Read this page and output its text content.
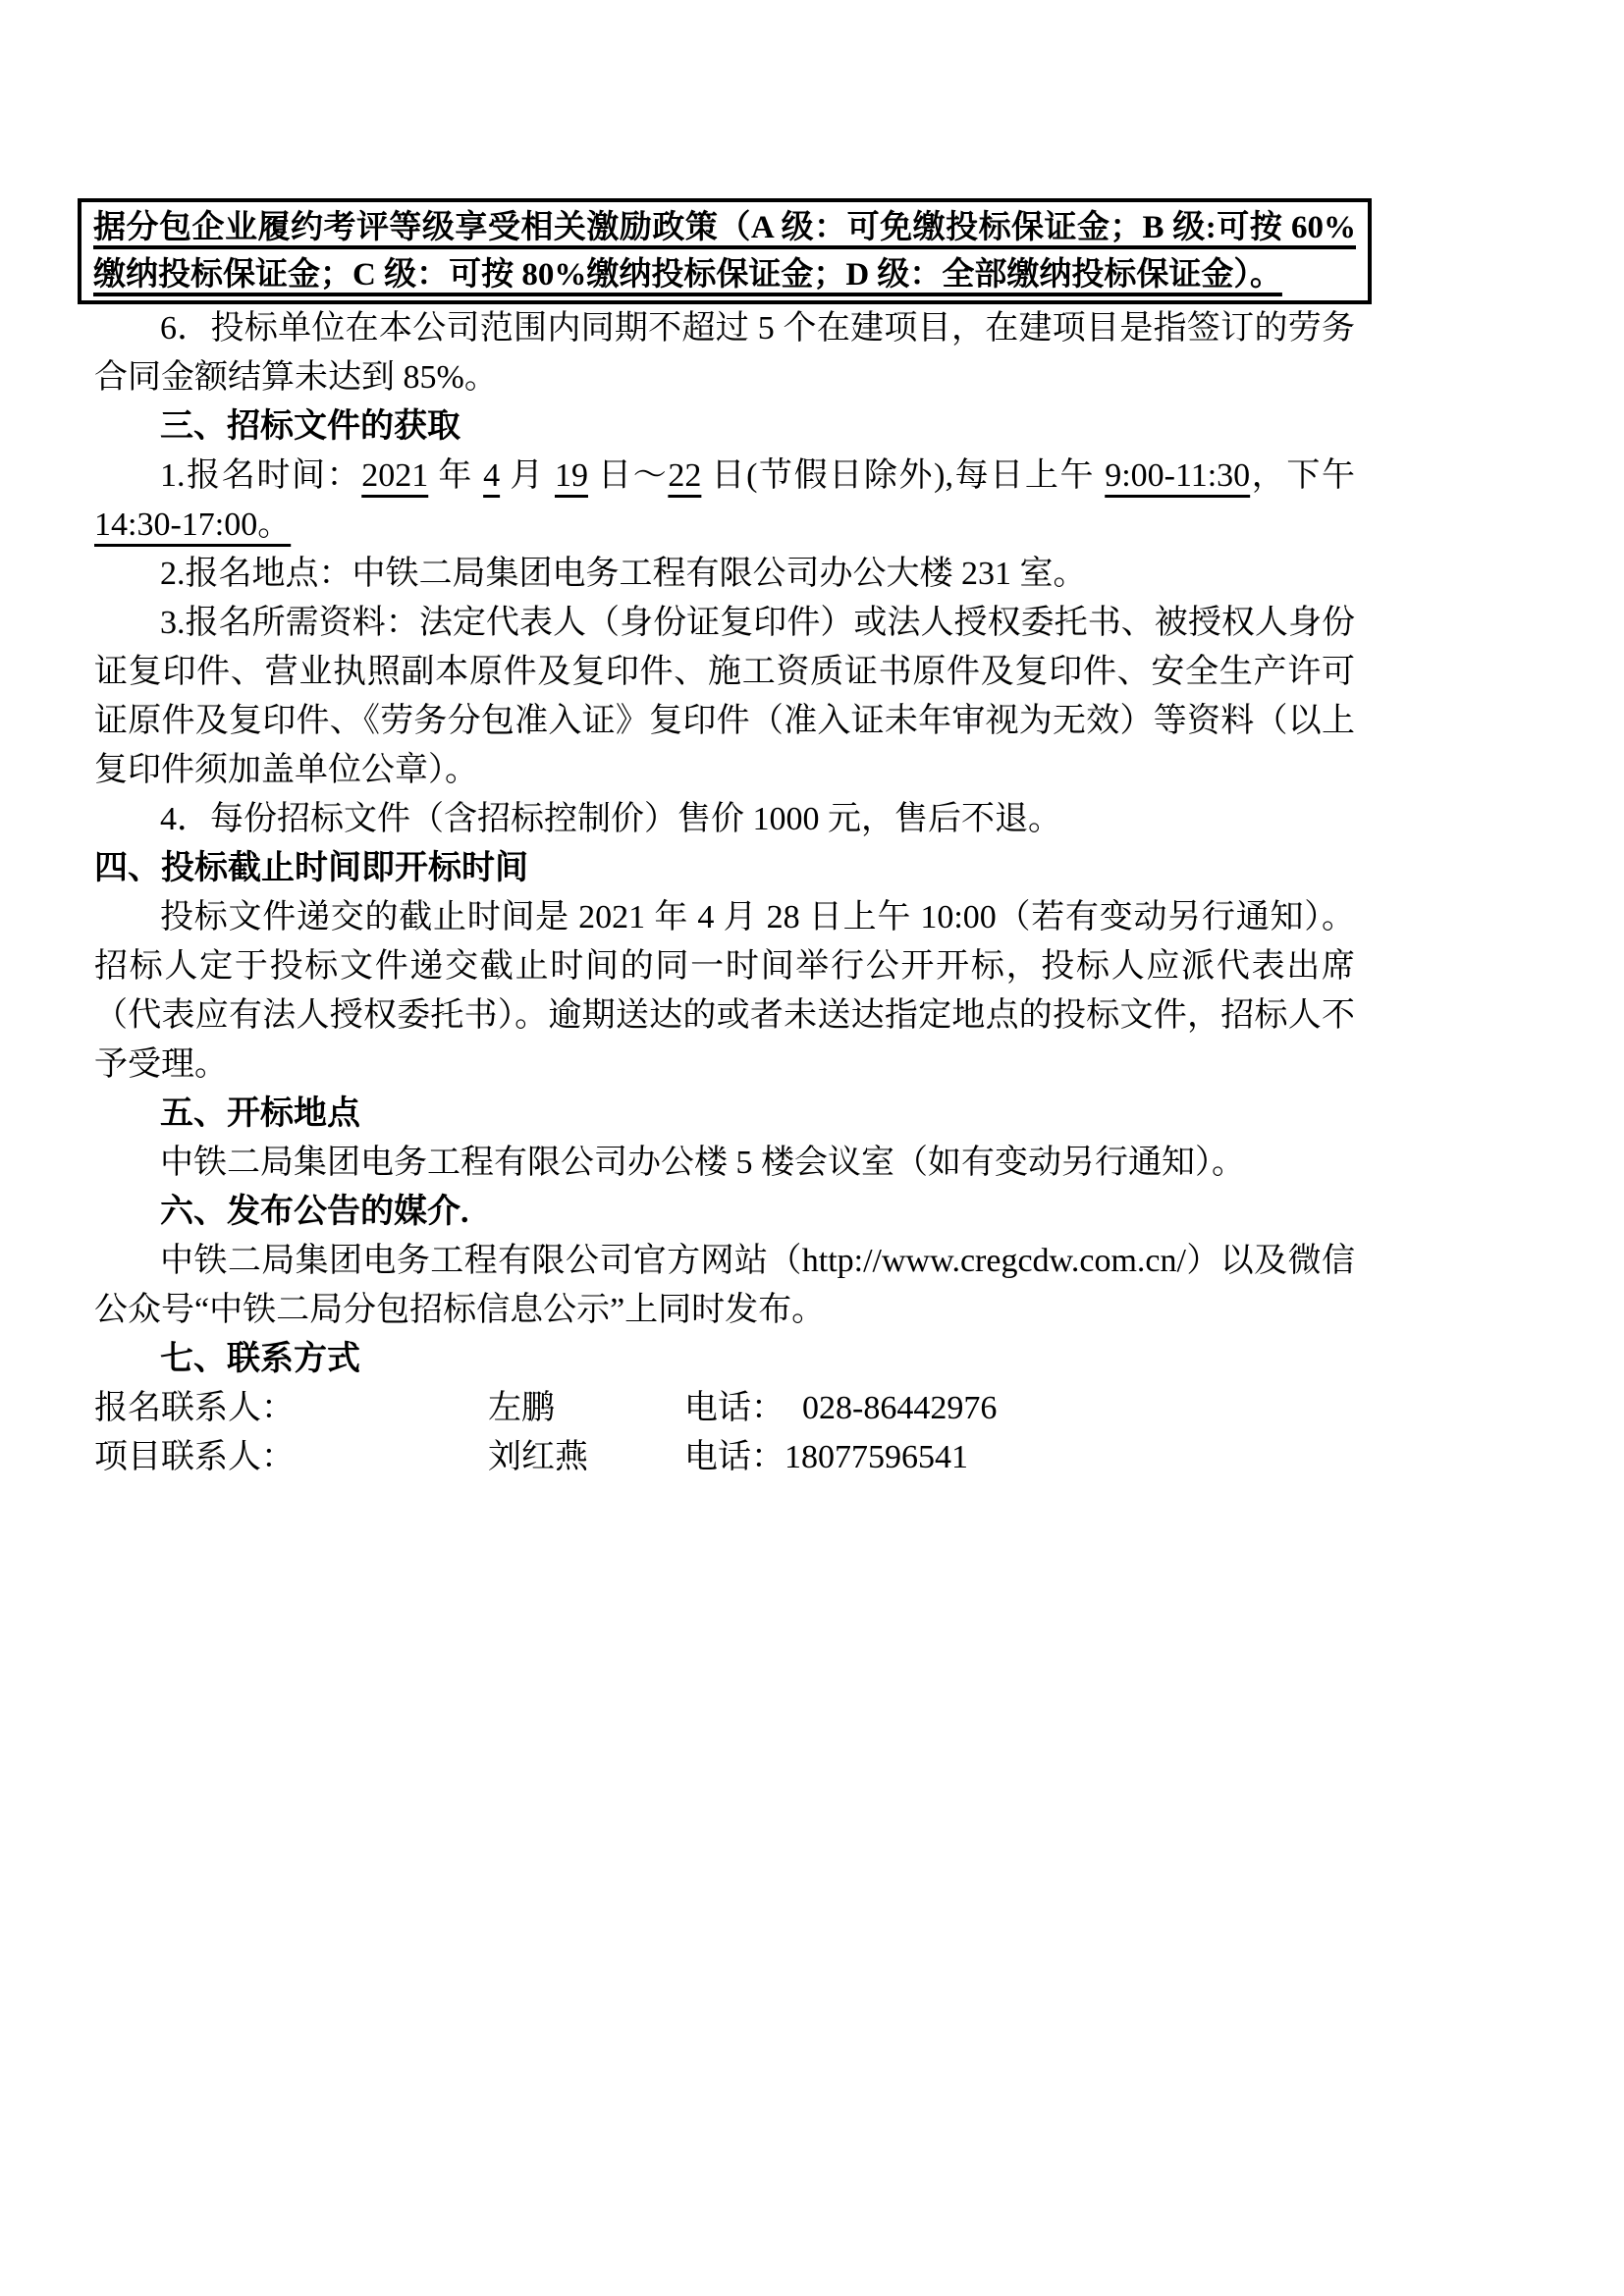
据分包企业履约考评等级享受相关激励政策（A 级：可免缴投标保证金；B 级:可按 60%缴纳投标保证金；C 级：可按 80%缴纳投标保证金；D 级：全部缴纳投标保证金）。

6．投标单位在本公司范围内同期不超过 5 个在建项目，在建项目是指签订的劳务合同金额结算未达到 85%。

三、招标文件的获取

1.报名时间：2021 年 4 月 19 日～22 日(节假日除外),每日上午 9:00-11:30，下午 14:30-17:00。

2.报名地点：中铁二局集团电务工程有限公司办公大楼 231 室。

3.报名所需资料：法定代表人（身份证复印件）或法人授权委托书、被授权人身份证复印件、营业执照副本原件及复印件、施工资质证书原件及复印件、安全生产许可证原件及复印件、《劳务分包准入证》复印件（准入证未年审视为无效）等资料（以上复印件须加盖单位公章）。

4．每份招标文件（含招标控制价）售价 1000 元，售后不退。

四、投标截止时间即开标时间

投标文件递交的截止时间是 2021 年 4 月 28 日上午 10:00（若有变动另行通知）。招标人定于投标文件递交截止时间的同一时间举行公开开标，投标人应派代表出席（代表应有法人授权委托书）。逾期送达的或者未送达指定地点的投标文件，招标人不予受理。

五、开标地点

中铁二局集团电务工程有限公司办公楼 5 楼会议室（如有变动另行通知）。

六、发布公告的媒介.

中铁二局集团电务工程有限公司官方网站（http://www.cregcdw.com.cn/）以及微信公众号“中铁二局分包招标信息公示”上同时发布。

七、联系方式

报名联系人：	左鹏	电话： 028-86442976
项目联系人：	刘红燕	电话： 18077596541
